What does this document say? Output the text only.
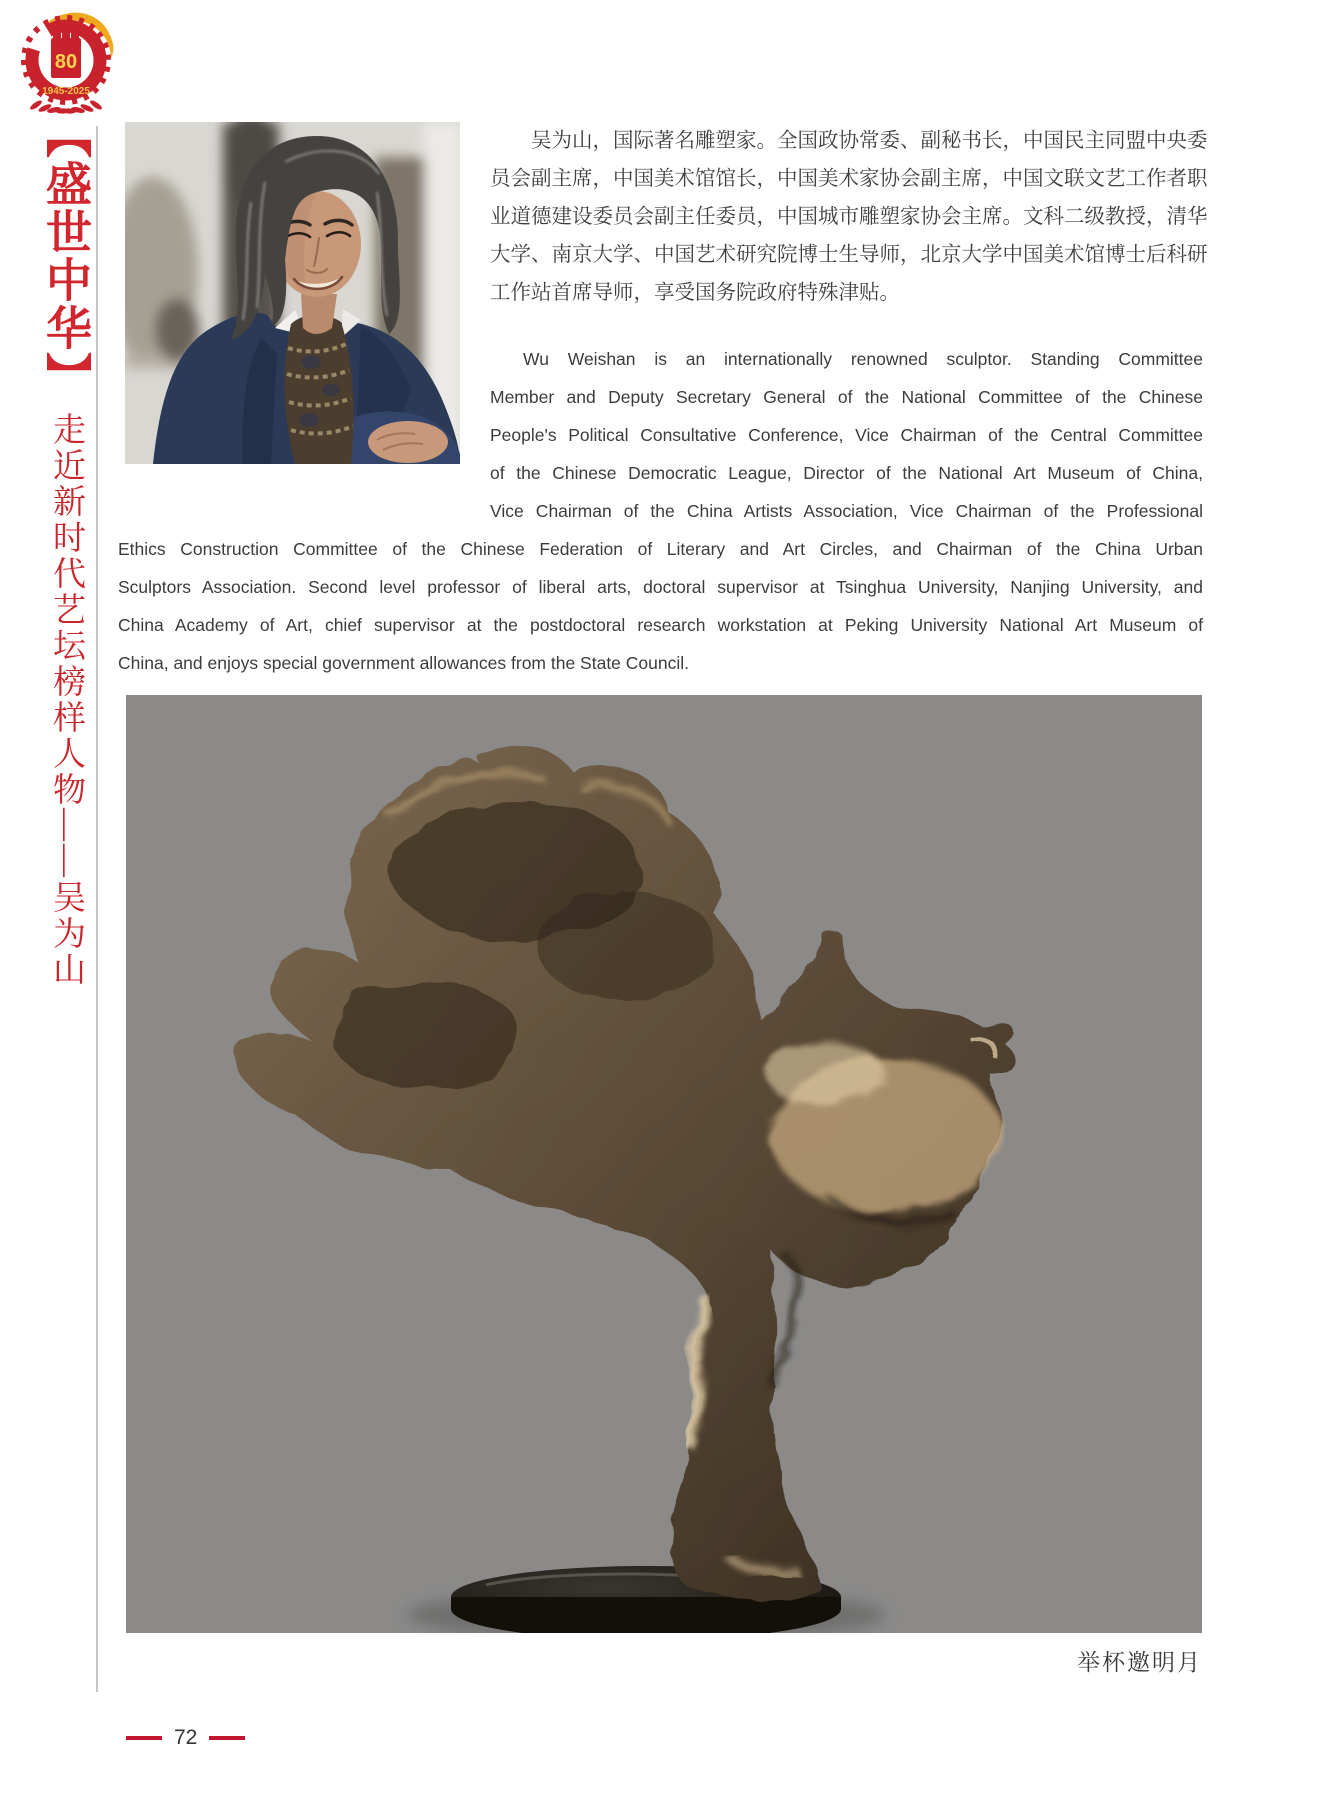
80
1945-2025
【盛世中华】
走近新时代艺坛榜样人物——吴为山
吴为山，国际著名雕塑家。全国政协常委、副秘书长，中国民主同盟中央委
员会副主席，中国美术馆馆长，中国美术家协会副主席，中国文联文艺工作者职
业道德建设委员会副主任委员，中国城市雕塑家协会主席。文科二级教授，清华
大学、南京大学、中国艺术研究院博士生导师，北京大学中国美术馆博士后科研
工作站首席导师，享受国务院政府特殊津贴。
Wu Weishan is an internationally renowned sculptor. Standing Committee
Member and Deputy Secretary General of the National Committee of the Chinese
People's Political Consultative Conference, Vice Chairman of the Central Committee
of the Chinese Democratic League, Director of the National Art Museum of China,
Vice Chairman of the China Artists Association, Vice Chairman of the Professional
Ethics Construction Committee of the Chinese Federation of Literary and Art Circles, and Chairman of the China Urban
Sculptors Association. Second level professor of liberal arts, doctoral supervisor at Tsinghua University, Nanjing University, and
China Academy of Art, chief supervisor at the postdoctoral research workstation at Peking University National Art Museum of
China, and enjoys special government allowances from the State Council.
举杯邀明月
72
